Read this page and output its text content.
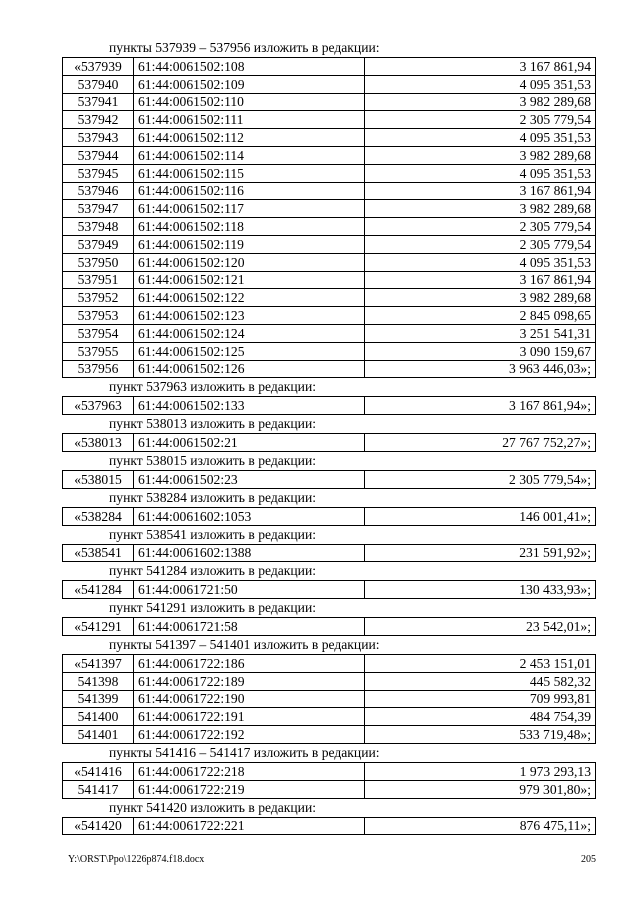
пункты 537939 – 537956 изложить в редакции:
«537939	61:44:0061502:108	3 167 861,94
537940	61:44:0061502:109	4 095 351,53
537941	61:44:0061502:110	3 982 289,68
537942	61:44:0061502:111	2 305 779,54
537943	61:44:0061502:112	4 095 351,53
537944	61:44:0061502:114	3 982 289,68
537945	61:44:0061502:115	4 095 351,53
537946	61:44:0061502:116	3 167 861,94
537947	61:44:0061502:117	3 982 289,68
537948	61:44:0061502:118	2 305 779,54
537949	61:44:0061502:119	2 305 779,54
537950	61:44:0061502:120	4 095 351,53
537951	61:44:0061502:121	3 167 861,94
537952	61:44:0061502:122	3 982 289,68
537953	61:44:0061502:123	2 845 098,65
537954	61:44:0061502:124	3 251 541,31
537955	61:44:0061502:125	3 090 159,67
537956	61:44:0061502:126	3 963 446,03»;
пункт 537963 изложить в редакции:
«537963	61:44:0061502:133	3 167 861,94»;
пункт 538013 изложить в редакции:
«538013	61:44:0061502:21	27 767 752,27»;
пункт 538015 изложить в редакции:
«538015	61:44:0061502:23	2 305 779,54»;
пункт 538284 изложить в редакции:
«538284	61:44:0061602:1053	146 001,41»;
пункт 538541 изложить в редакции:
«538541	61:44:0061602:1388	231 591,92»;
пункт 541284 изложить в редакции:
«541284	61:44:0061721:50	130 433,93»;
пункт 541291 изложить в редакции:
«541291	61:44:0061721:58	23 542,01»;
пункты 541397 – 541401 изложить в редакции:
«541397	61:44:0061722:186	2 453 151,01
541398	61:44:0061722:189	445 582,32
541399	61:44:0061722:190	709 993,81
541400	61:44:0061722:191	484 754,39
541401	61:44:0061722:192	533 719,48»;
пункты 541416 – 541417 изложить в редакции:
«541416	61:44:0061722:218	1 973 293,13
541417	61:44:0061722:219	979 301,80»;
пункт 541420 изложить в редакции:
«541420	61:44:0061722:221	876 475,11»;
Y:\ORST\Ppo\1226p874.f18.docx	205
